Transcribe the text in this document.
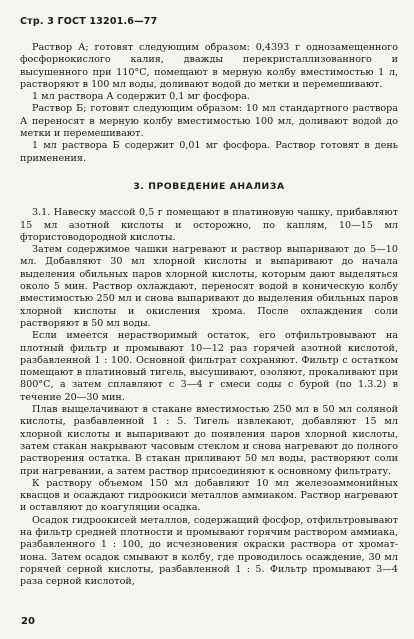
Стр. 3 ГОСТ 13201.6—77

Раствор А; готовят следующим образом: 0,4393 г однозамещенного фосфорнокислого калия, дважды перекристаллизованного и высушенного при 110°С, помещают в мерную колбу вместимостью 1 л, растворяют в 100 мл воды, доливают водой до метки и перемешивают.

1 мл раствора А содержит 0,1 мг фосфора.

Раствор Б; готовят следующим образом: 10 мл стандартного раствора А переносят в мерную колбу вместимостью 100 мл, доливают водой до метки и перемешивают.

1 мл раствора Б содержит 0,01 мг фосфора. Раствор готовят в день применения.

3. ПРОВЕДЕНИЕ АНАЛИЗА

3.1. Навеску массой 0,5 г помещают в платиновую чашку, прибавляют 15 мл азотной кислоты и осторожно, по каплям, 10—15 мл фтористоводородной кислоты.

Затем содержимое чашки нагревают и раствор выпаривают до 5—10 мл. Добавляют 30 мл хлорной кислоты и выпаривают до начала выделения обильных паров хлорной кислоты, которым дают выделяться около 5 мин. Раствор охлаждают, переносят водой в коническую колбу вместимостью 250 мл и снова выпаривают до выделения обильных паров хлорной кислоты и окисления хрома. После охлаждения соли растворяют в 50 мл воды.

Если имеется нерастворимый остаток, его отфильтровывают на плотный фильтр и промывают 10—12 раз горячей азотной кислотой, разбавленной 1 : 100. Основной фильтрат сохраняют. Фильтр с остатком помещают в платиновый тигель, высушивают, озоляют, прокаливают при 800°С, а затем сплавляют с 3—4 г смеси соды с бурой (по 1.3.2) в течение 20—30 мин.

Плав выщелачивают в стакане вместимостью 250 мл в 50 мл соляной кислоты, разбавленной 1 : 5. Тигель извлекают, добавляют 15 мл хлорной кислоты и выпаривают до появления паров хлорной кислоты, затем стакан накрывают часовым стеклом и снова нагревают до полного растворения остатка. В стакан приливают 50 мл воды, растворяют соли при нагревании, а затем раствор присоединяют к основному фильтрату.

К раствору объемом 150 мл добавляют 10 мл железоаммонийных квасцов и осаждают гидроокиси металлов аммиаком. Раствор нагревают и оставляют до коагуляции осадка.

Осадок гидроокисей металлов, содержащий фосфор, отфильтровывают на фильтр средней плотности и промывают горячим раствором аммиака, разбавленного 1 : 100, до исчезновения окраски раствора от хромат-иона. Затем осадок смывают в колбу, где проводилось осаждение, 30 мл горячей серной кислоты, разбавленной 1 : 5. Фильтр промывают 3—4 раза серной кислотой,

20
